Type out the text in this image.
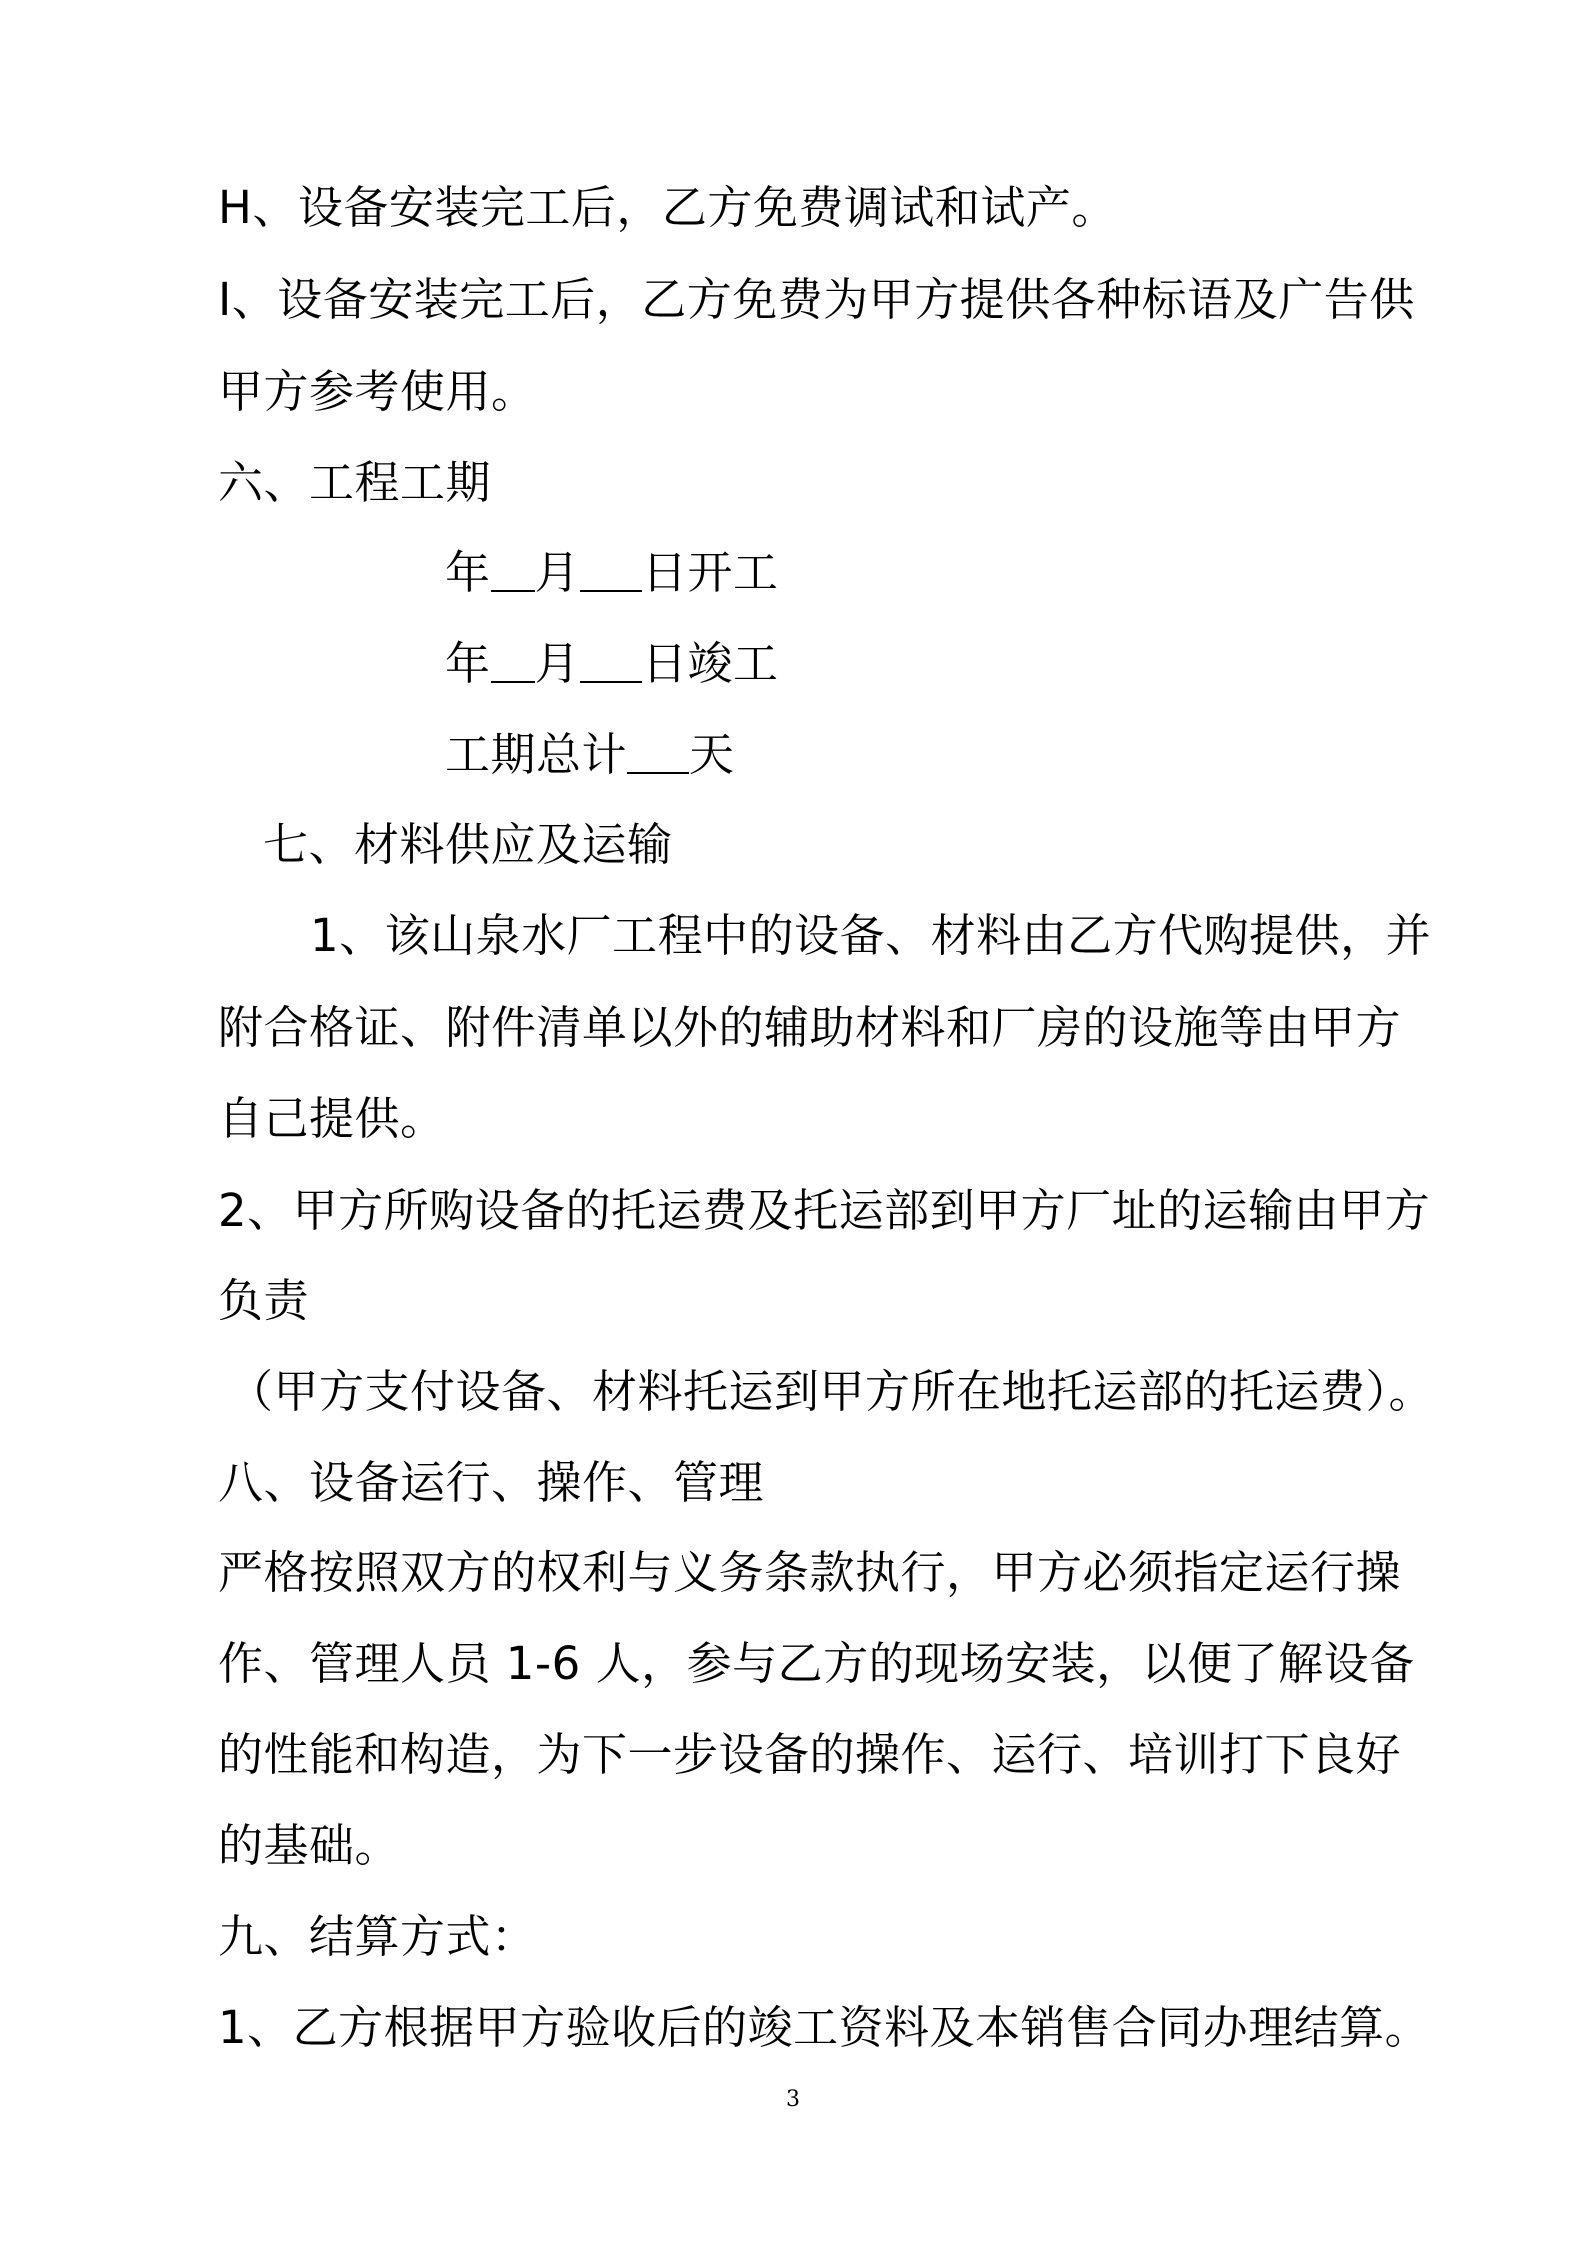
H、设备安装完工后，乙方免费调试和试产。
I、设备安装完工后，乙方免费为甲方提供各种标语及广告供
甲方参考使用。
六、工程工期
年 月 日开工
年 月 日竣工
工期总计 天
七、材料供应及运输
1、该山泉水厂工程中的设备、材料由乙方代购提供，并
附合格证、附件清单以外的辅助材料和厂房的设施等由甲方
自己提供。
2、甲方所购设备的托运费及托运部到甲方厂址的运输由甲方
负责
（甲方支付设备、材料托运到甲方所在地托运部的托运费）。
八、设备运行、操作、管理
严格按照双方的权利与义务条款执行，甲方必须指定运行操
作、管理人员 1-6 人，参与乙方的现场安装，以便了解设备
的性能和构造，为下一步设备的操作、运行、培训打下良好
的基础。
九、结算方式：
1、乙方根据甲方验收后的竣工资料及本销售合同办理结算。
3
